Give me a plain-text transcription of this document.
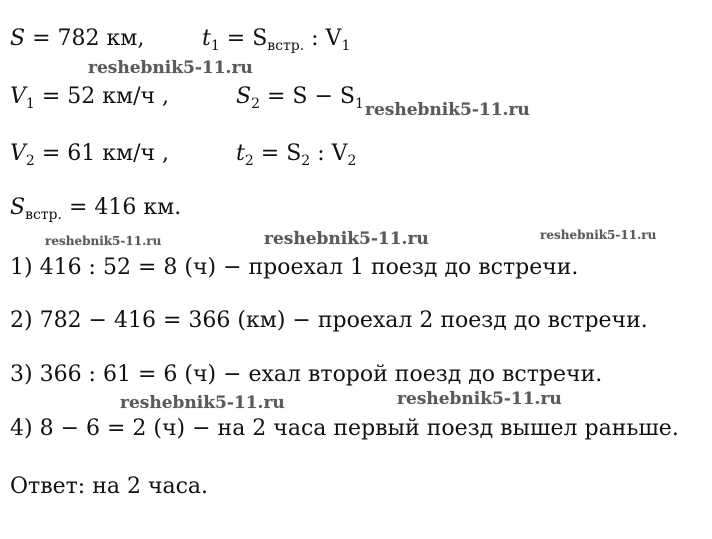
S = 782 км,	$t_1 = S_{встр.}$ : $V_1$
$V_1 = 52$ км/ч ,	$S_2 = S - S_1$
$V_2 = 61$ км/ч ,	$t_2 = S_2$ : $V_2$
$S_{встр.} = 416$ км.
1) 416 : 52 = 8 (ч) − проехал 1 поезд до встречи.
2) 782 − 416 = 366 (км) − проехал 2 поезд до встречи.
3) 366 : 61 = 6 (ч) − ехал второй поезд до встречи.
4) 8 − 6 = 2 (ч) − на 2 часа первый поезд вышел раньше.
Ответ: на 2 часа.
reshebnik5-11.ru
reshebnik5-11.ru
reshebnik5-11.ru	reshebnik5-11.ru	reshebnik5-11.ru
reshebnik5-11.ru	reshebnik5-11.ru
